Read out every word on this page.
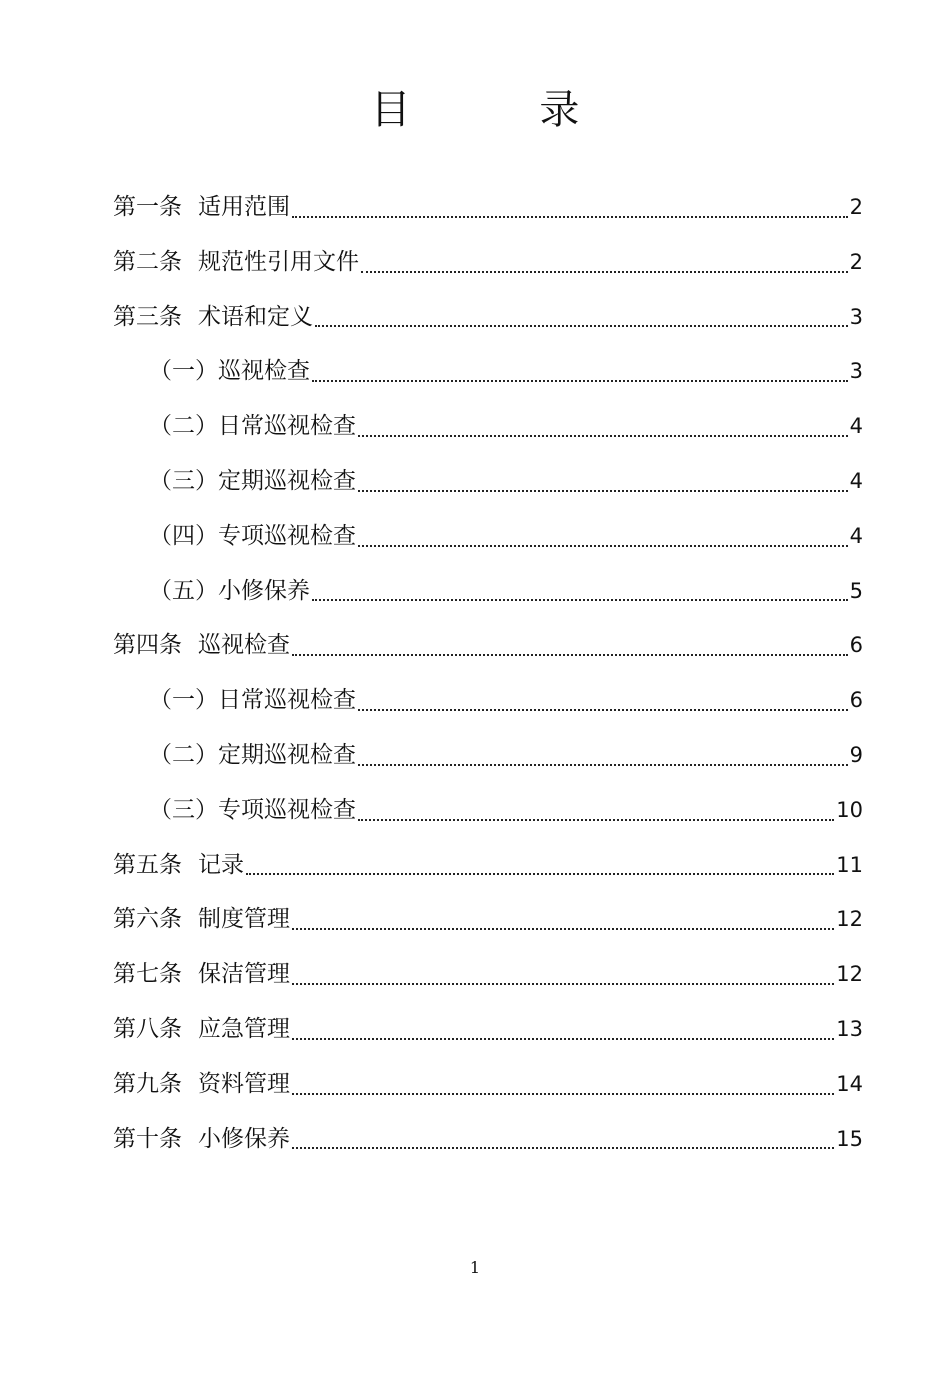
目 录
第一条 适用范围	2
第二条 规范性引用文件	2
第三条 术语和定义	3
（一） 巡视检查	3
（二） 日常巡视检查	4
（三） 定期巡视检查	4
（四） 专项巡视检查	4
（五） 小修保养	5
第四条 巡视检查	6
（一） 日常巡视检查	6
（二） 定期巡视检查	9
（三） 专项巡视检查	10
第五条 记录	11
第六条 制度管理	12
第七条 保洁管理	12
第八条 应急管理	13
第九条 资料管理	14
第十条 小修保养	15
1
